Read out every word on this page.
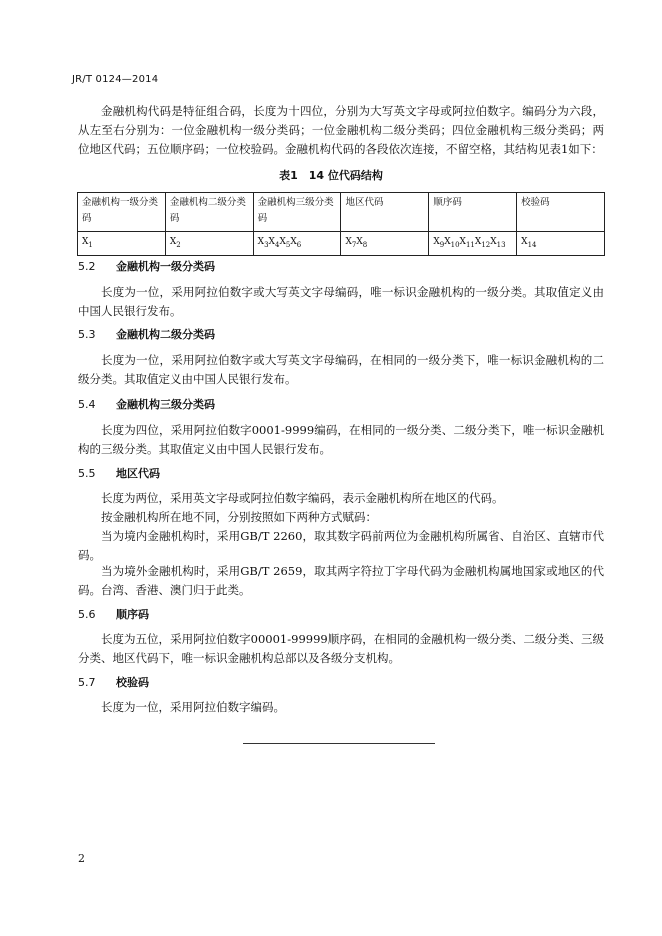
JR/T 0124—2014

金融机构代码是特征组合码，长度为十四位，分别为大写英文字母或阿拉伯数字。编码分为六段，从左至右分别为：一位金融机构一级分类码；一位金融机构二级分类码；四位金融机构三级分类码；两位地区代码；五位顺序码；一位校验码。金融机构代码的各段依次连接，不留空格，其结构见表1如下：

表1　14 位代码结构
金融机构一级分类码	金融机构二级分类码	金融机构三级分类码	地区代码	顺序码	校验码
$X_1$	$X_2$	$X_3X_4X_5X_6$	$X_7X_8$	$X_9X_{10}X_{11}X_{12}X_{13}$	$X_{14}$
5.2 金融机构一级分类码

长度为一位，采用阿拉伯数字或大写英文字母编码，唯一标识金融机构的一级分类。其取值定义由中国人民银行发布。

5.3 金融机构二级分类码

长度为一位，采用阿拉伯数字或大写英文字母编码，在相同的一级分类下，唯一标识金融机构的二级分类。其取值定义由中国人民银行发布。

5.4 金融机构三级分类码

长度为四位，采用阿拉伯数字0001-9999编码，在相同的一级分类、二级分类下，唯一标识金融机构的三级分类。其取值定义由中国人民银行发布。

5.5 地区代码

长度为两位，采用英文字母或阿拉伯数字编码，表示金融机构所在地区的代码。

按金融机构所在地不同，分别按照如下两种方式赋码：

当为境内金融机构时，采用GB/T 2260，取其数字码前两位为金融机构所属省、自治区、直辖市代码。

当为境外金融机构时，采用GB/T 2659，取其两字符拉丁字母代码为金融机构属地国家或地区的代码。台湾、香港、澳门归于此类。

5.6 顺序码

长度为五位，采用阿拉伯数字00001-99999顺序码，在相同的金融机构一级分类、二级分类、三级分类、地区代码下，唯一标识金融机构总部以及各级分支机构。

5.7 校验码

长度为一位，采用阿拉伯数字编码。

2
